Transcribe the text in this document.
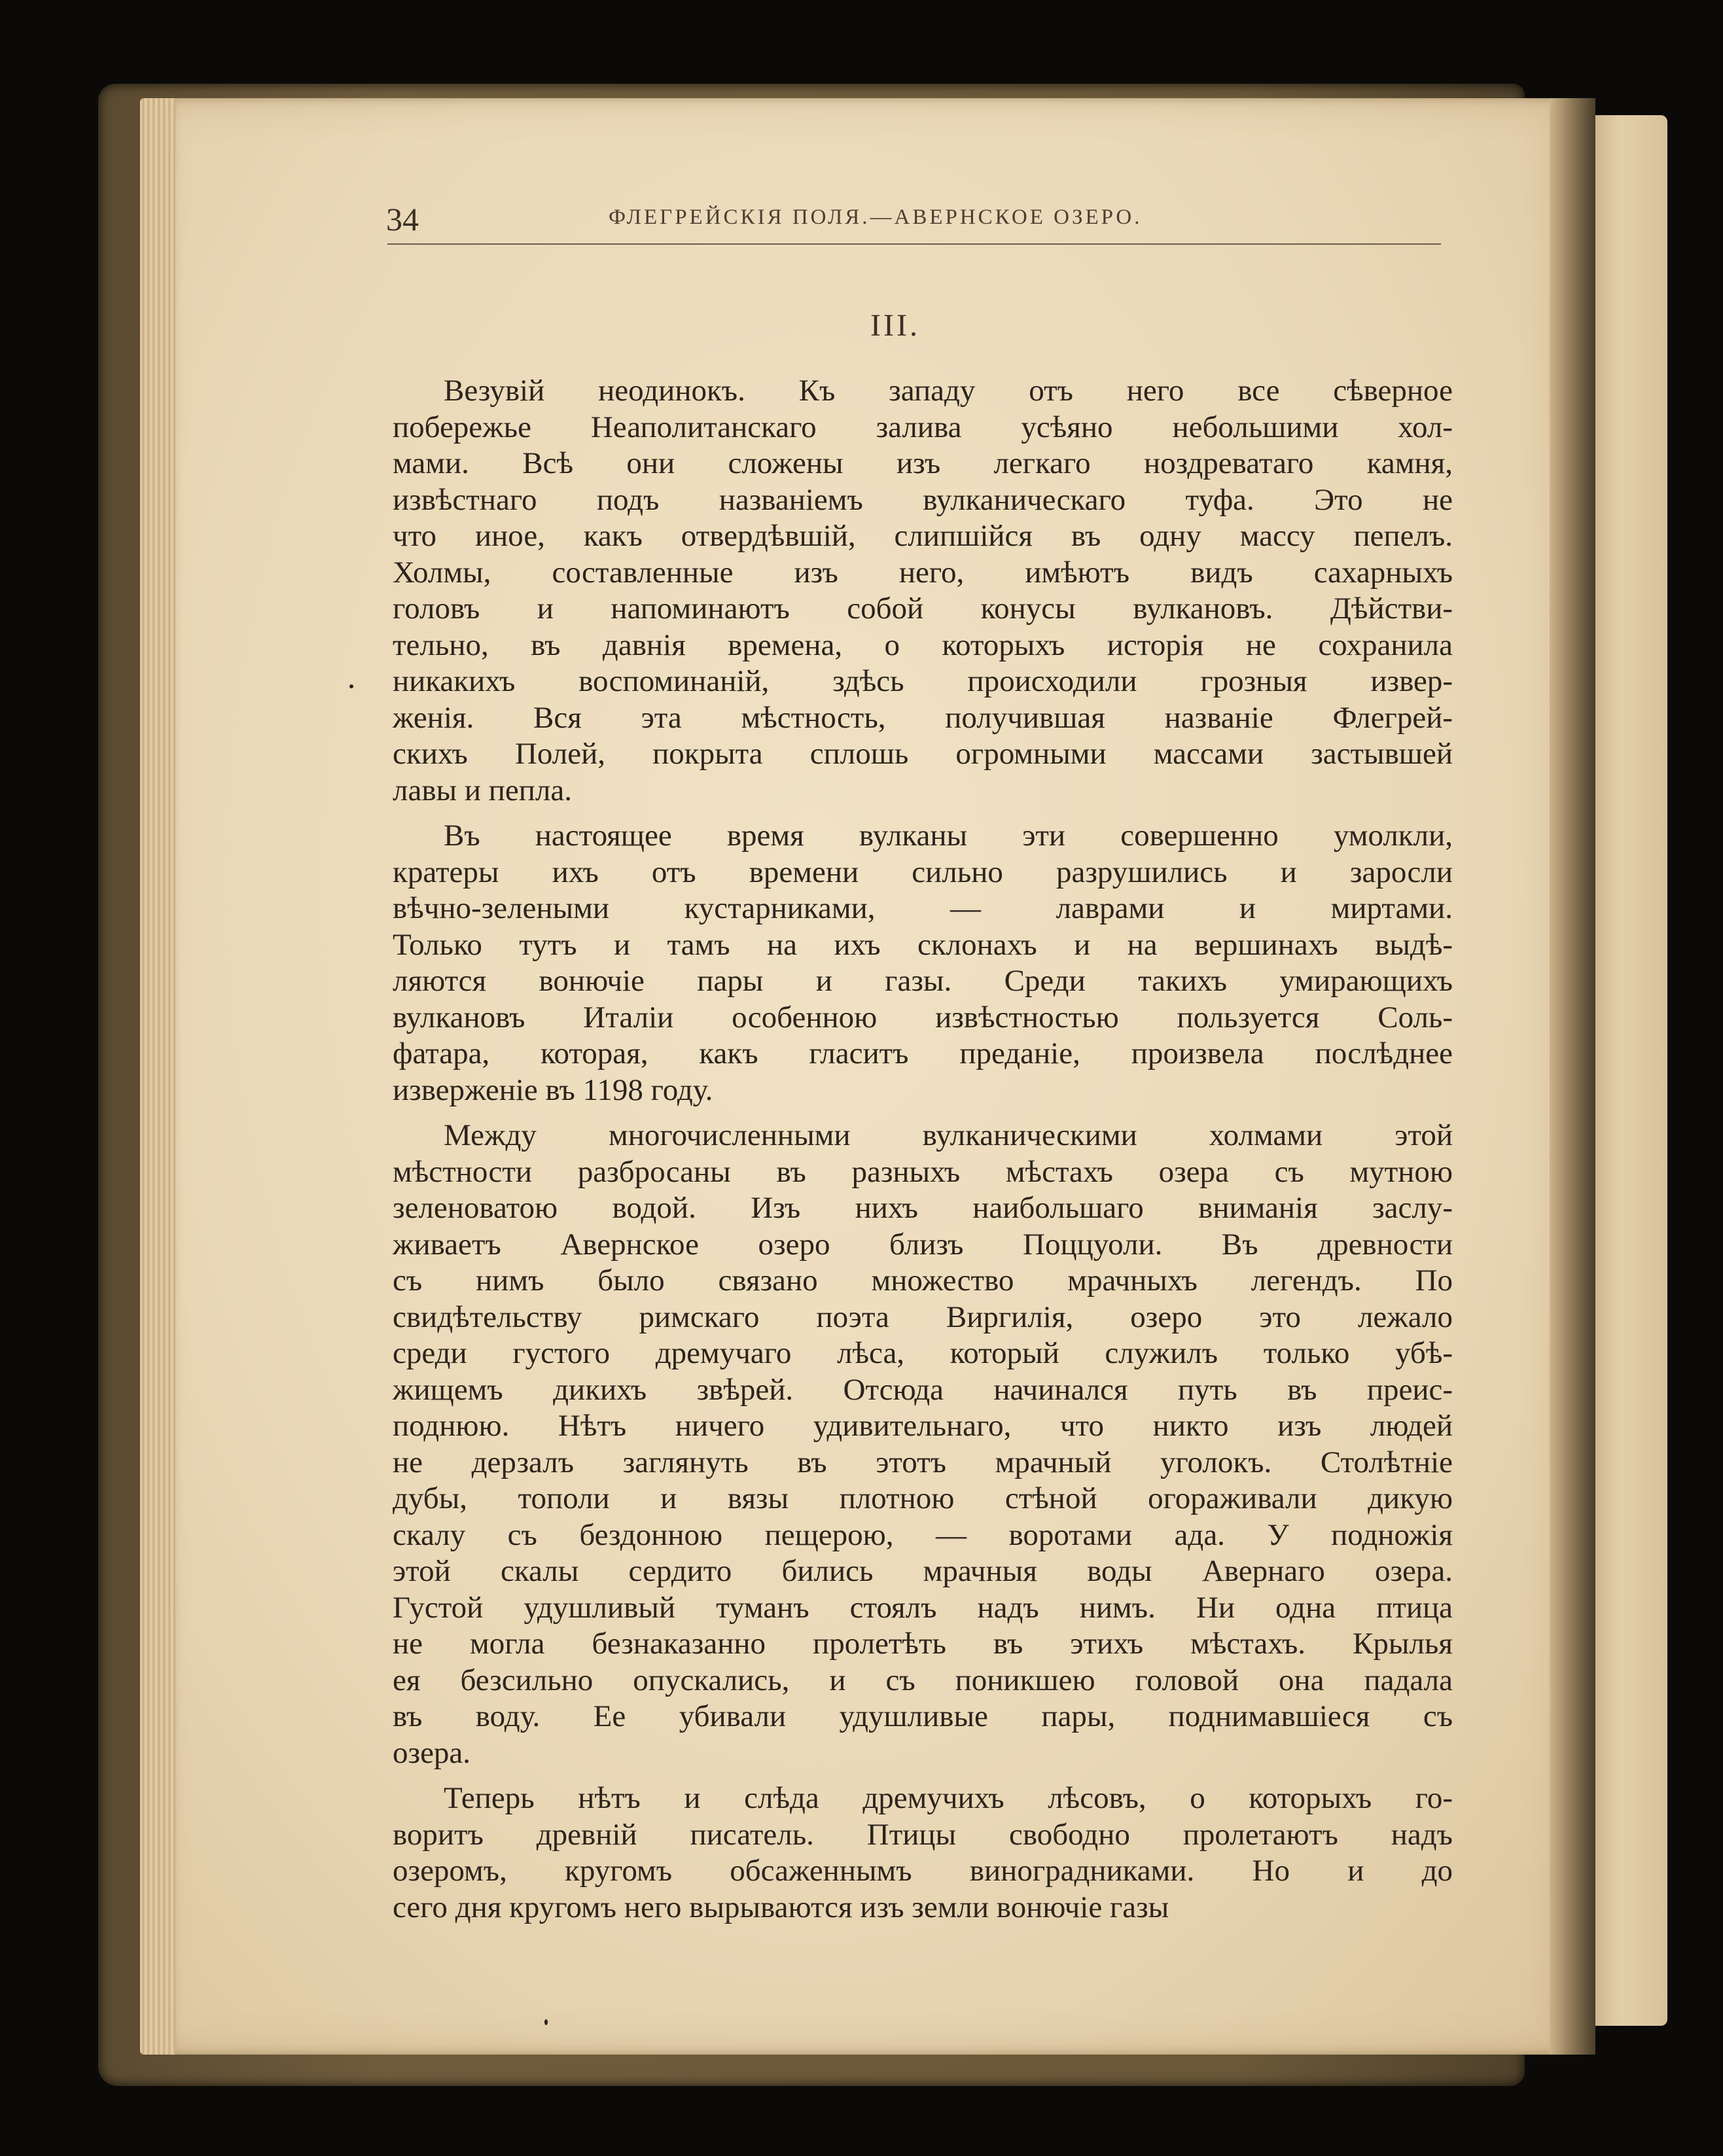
34	ФЛЕГРЕЙСКІЯ ПОЛЯ.—АВЕРНСКОЕ ОЗЕРО.
III.
Везувій неодинокъ. Къ западу отъ него все сѣверное
побережье Неаполитанскаго залива усѣяно небольшими хол-
мами. Всѣ они сложены изъ легкаго ноздреватаго камня,
извѣстнаго подъ названіемъ вулканическаго туфа. Это не
что иное, какъ отвердѣвшій, слипшійся въ одну массу пепелъ.
Холмы, составленные изъ него, имѣютъ видъ сахарныхъ
головъ и напоминаютъ собой конусы вулкановъ. Дѣйстви-
тельно, въ давнія времена, о которыхъ исторія не сохранила
никакихъ воспоминаній, здѣсь происходили грозныя извер-
женія. Вся эта мѣстность, получившая названіе Флегрей-
скихъ Полей, покрыта сплошь огромными массами застывшей
лавы и пепла.
Въ настоящее время вулканы эти совершенно умолкли,
кратеры ихъ отъ времени сильно разрушились и заросли
вѣчно-зелеными кустарниками, — лаврами и миртами.
Только тутъ и тамъ на ихъ склонахъ и на вершинахъ выдѣ-
ляются вонючіе пары и газы. Среди такихъ умирающихъ
вулкановъ Италіи особенною извѣстностью пользуется Соль-
фатара, которая, какъ гласитъ преданіе, произвела послѣднее
изверженіе въ 1198 году.
Между многочисленными вулканическими холмами этой
мѣстности разбросаны въ разныхъ мѣстахъ озера съ мутною
зеленоватою водой. Изъ нихъ наибольшаго вниманія заслу-
живаетъ Авернское озеро близъ Поццуоли. Въ древности
съ нимъ было связано множество мрачныхъ легендъ. По
свидѣтельству римскаго поэта Виргилія, озеро это лежало
среди густого дремучаго лѣса, который служилъ только убѣ-
жищемъ дикихъ звѣрей. Отсюда начинался путь въ преис-
поднюю. Нѣтъ ничего удивительнаго, что никто изъ людей
не дерзалъ заглянуть въ этотъ мрачный уголокъ. Столѣтніе
дубы, тополи и вязы плотною стѣной огораживали дикую
скалу съ бездонною пещерою, — воротами ада. У подножія
этой скалы сердито бились мрачныя воды Авернаго озера.
Густой удушливый туманъ стоялъ надъ нимъ. Ни одна птица
не могла безнаказанно пролетѣть въ этихъ мѣстахъ. Крылья
ея безсильно опускались, и съ поникшею головой она падала
въ воду. Ее убивали удушливые пары, поднимавшіеся съ
озера.
Теперь нѣтъ и слѣда дремучихъ лѣсовъ, о которыхъ го-
воритъ древній писатель. Птицы свободно пролетаютъ надъ
озеромъ, кругомъ обсаженнымъ виноградниками. Но и до
сего дня кругомъ него вырываются изъ земли вонючіе газы
